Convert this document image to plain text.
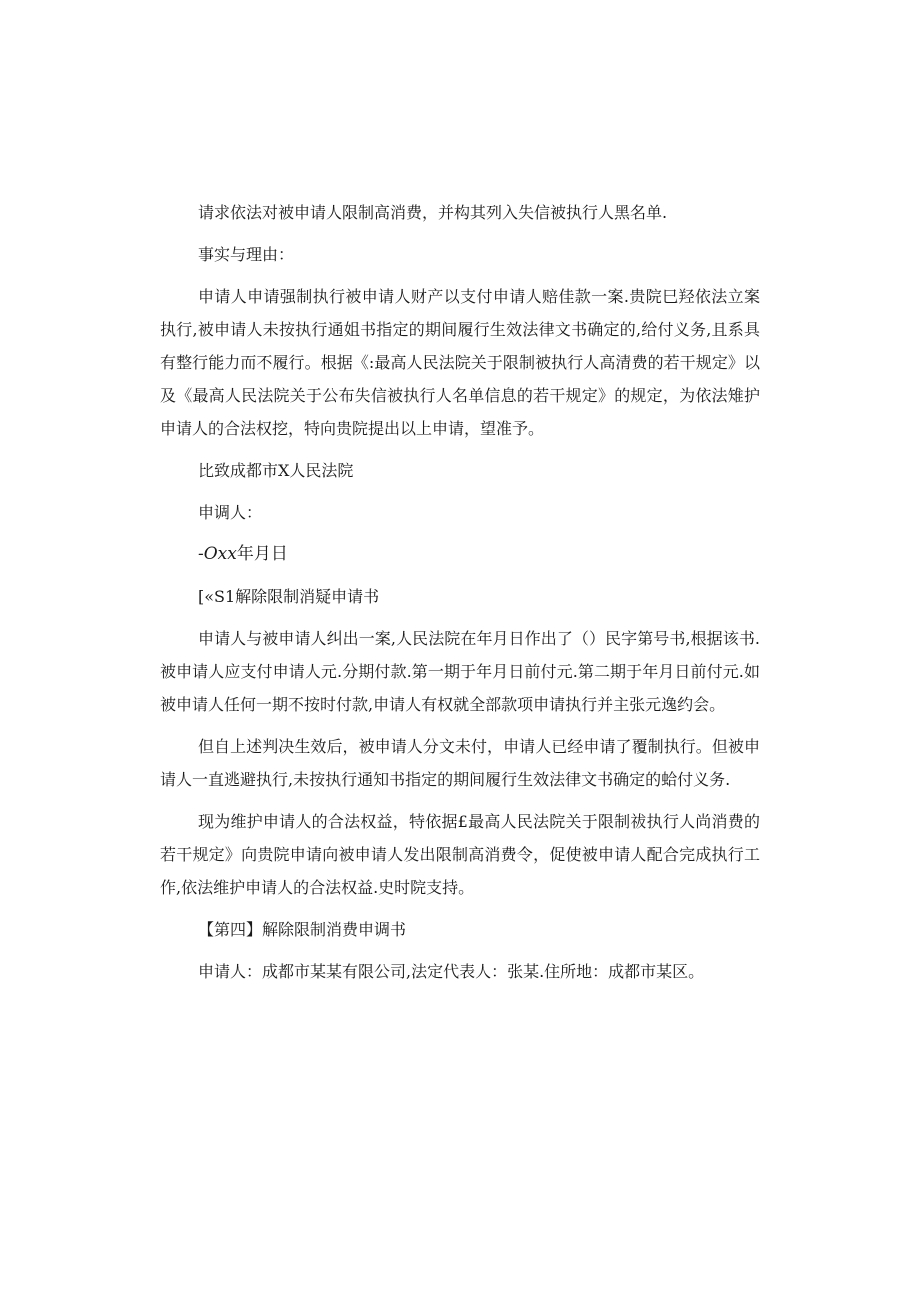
请求依法对被申请人限制高消费，并构其列入失信被执行人黑名单.

事实与理由：

申请人申请强制执行被申请人财产以支付申请人赔佳款一案.贵院巳羟依法立案执行,被申请人未按执行通姐书指定的期间履行生效法律文书确定的,给付义务,且系具有整行能力而不履行。根据《:最高人民法院关于限制被执行人高清费的若干规定》以及《最高人民法院关于公布失信被执行人名单信息的若干规定》的规定，为依法雉护申请人的合法权挖，特向贵院提出以上申请，望准予。

比致成都市X人民法院

申调人：

-Oxx年月日

[«S1解除限制消疑申请书

申请人与被申请人纠出一案,人民法院在年月日作出了（）民字第号书,根据该书.被申请人应支付申请人元.分期付款.第一期于年月日前付元.第二期于年月日前付元.如被申请人任何一期不按时付款,申请人有权就全部款项申请执行并主张元逸约会。

但自上述判决生效后，被申请人分文未付，申请人已经申请了覆制执行。但被申请人一直逃避执行,未按执行通知书指定的期间履行生效法律文书确定的蛤付义务.

现为维护申请人的合法权益，特依据£最高人民法院关于限制祓执行人尚消费的若干规定》向贵院申请向被申请人发出限制高消费令，促使被申请人配合完成执行工作,依法维护申请人的合法权益.史时院支持。

【第四】解除限制消费申调书

申请人：成都市某某有限公司,法定代表人：张某.住所地：成都市某区。
